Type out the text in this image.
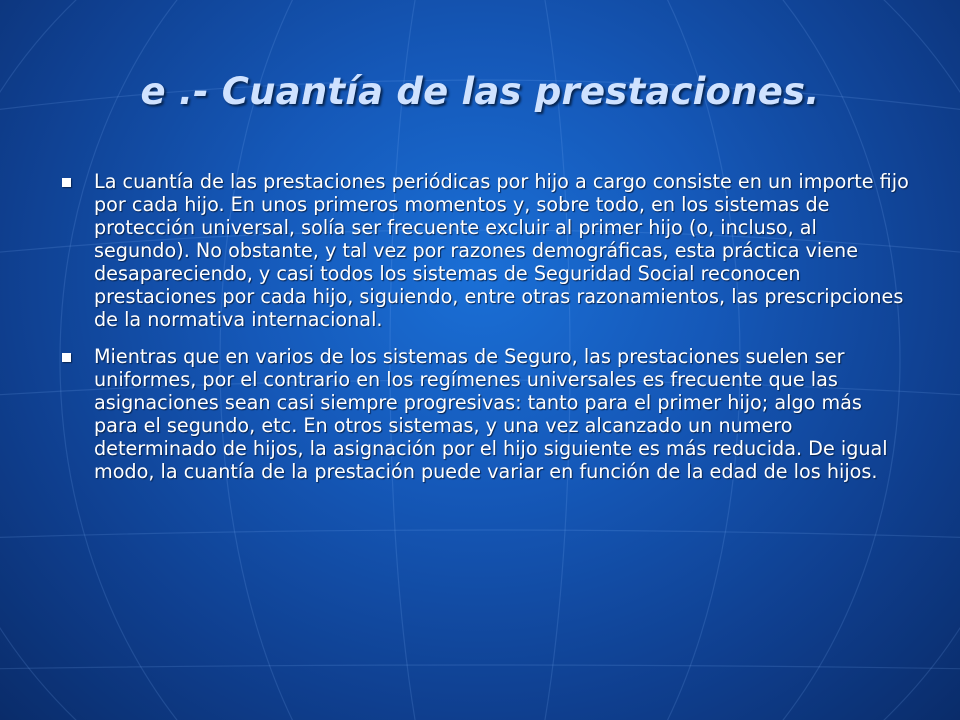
e .- Cuantía de las prestaciones.
La cuantía de las prestaciones periódicas por hijo a cargo consiste en un importe fijo por cada hijo. En unos primeros momentos y, sobre todo, en los sistemas de protección universal, solía ser frecuente excluir al primer hijo (o, incluso, al segundo). No obstante, y tal vez por razones demográficas, esta práctica viene desapareciendo, y casi todos los sistemas de Seguridad Social reconocen prestaciones por cada hijo, siguiendo, entre otras razonamientos, las prescripciones de la normativa internacional.
Mientras que en varios de los sistemas de Seguro, las prestaciones suelen ser uniformes, por el contrario en los regímenes universales es frecuente que las asignaciones sean casi siempre progresivas: tanto para el primer hijo; algo más para el segundo, etc. En otros sistemas, y una vez alcanzado un numero determinado de hijos, la asignación por el hijo siguiente es más reducida. De igual modo, la cuantía de la prestación puede variar en función de la edad de los hijos.
